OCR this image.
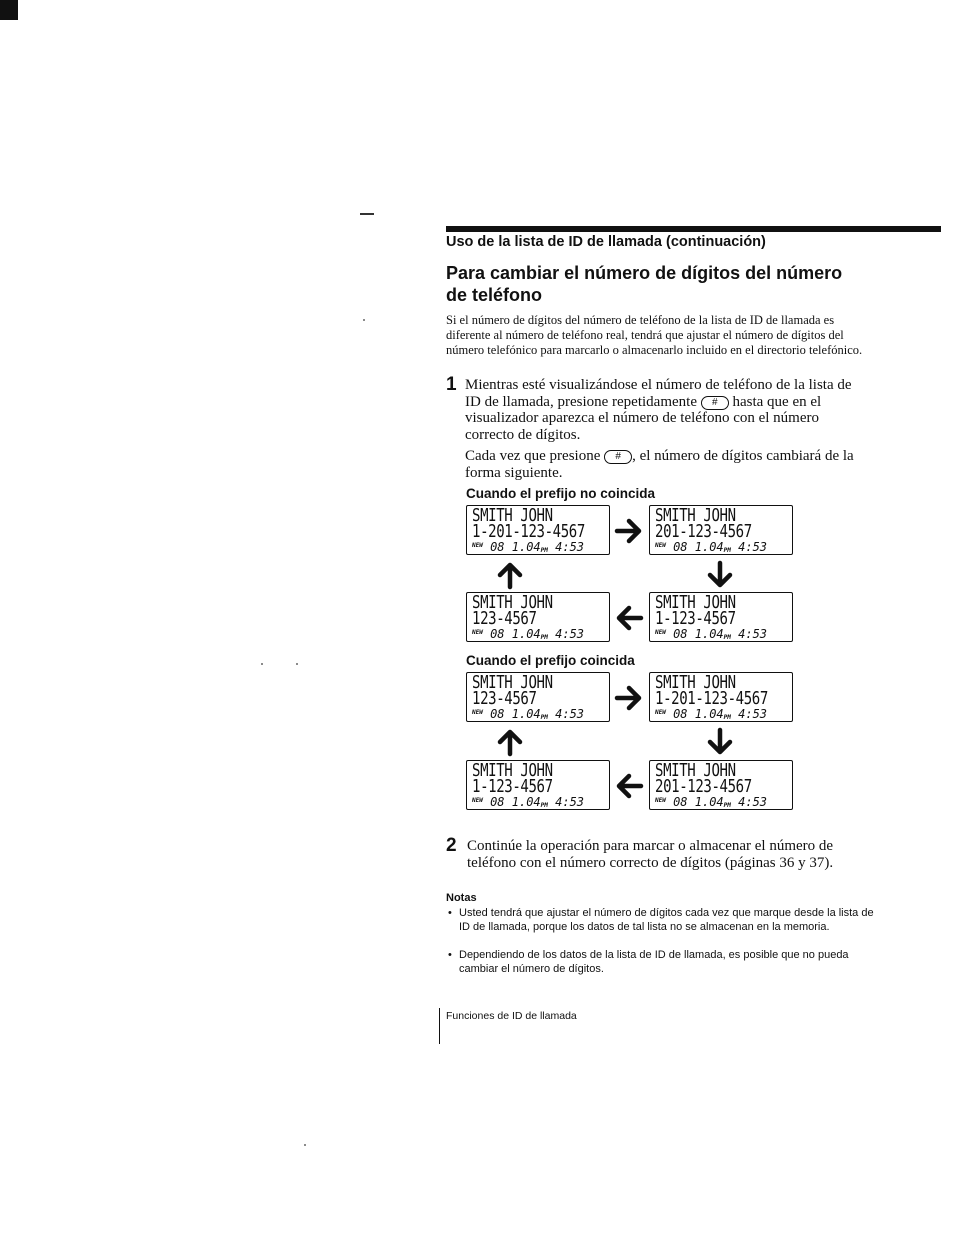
Uso de la lista de ID de llamada (continuación)
Para cambiar el número de dígitos del número de teléfono
Si el número de dígitos del número de teléfono de la lista de ID de llamada es diferente al número de teléfono real, tendrá que ajustar el número de dígitos del número telefónico para marcarlo o almacenarlo incluido en el directorio telefónico.
1 Mientras esté visualizándose el número de teléfono de la lista de ID de llamada, presione repetidamente # hasta que en el visualizador aparezca el número de teléfono con el número correcto de dígitos.
Cada vez que presione # , el número de dígitos cambiará de la forma siguiente.
Cuando el prefijo no coincida
SMITH JOHN
1-201-123-4567
$^{NEW}$ 08 1.04PM 4:53
SMITH JOHN
201-123-4567
$^{NEW}$ 08 1.04PM 4:53
SMITH JOHN
123-4567
$^{NEW}$ 08 1.04PM 4:53
SMITH JOHN
1-123-4567
$^{NEW}$ 08 1.04PM 4:53
Cuando el prefijo coincida
SMITH JOHN
123-4567
$^{NEW}$ 08 1.04PM 4:53
SMITH JOHN
1-201-123-4567
$^{NEW}$ 08 1.04PM 4:53
SMITH JOHN
1-123-4567
$^{NEW}$ 08 1.04PM 4:53
SMITH JOHN
201-123-4567
$^{NEW}$ 08 1.04PM 4:53
2 Continúe la operación para marcar o almacenar el número de teléfono con el número correcto de dígitos (páginas 36 y 37).
Notas
• Usted tendrá que ajustar el número de dígitos cada vez que marque desde la lista de ID de llamada, porque los datos de tal lista no se almacenan en la memoria.
• Dependiendo de los datos de la lista de ID de llamada, es posible que no pueda cambiar el número de dígitos.
Funciones de ID de llamada
